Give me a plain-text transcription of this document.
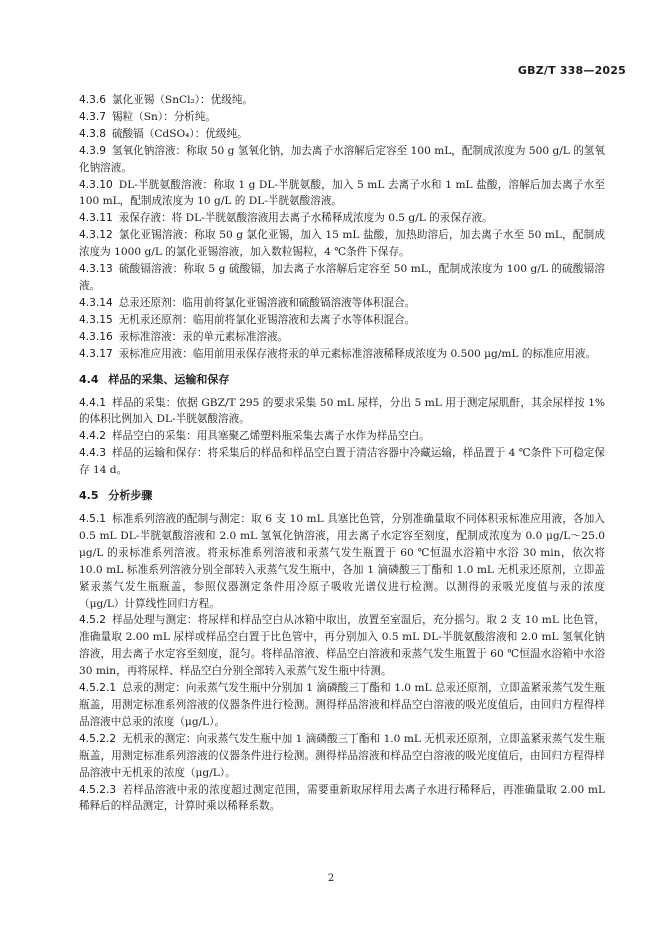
GBZ/T 338—2025

4.3.6 氯化亚锡（SnCl₂）：优级纯。

4.3.7 锡粒（Sn）：分析纯。

4.3.8 硫酸镉（CdSO₄）：优级纯。

4.3.9 氢氧化钠溶液：称取 50 g 氢氧化钠，加去离子水溶解后定容至 100 mL，配制成浓度为 500 g/L 的氢氧化钠溶液。

4.3.10 DL-半胱氨酸溶液：称取 1 g DL-半胱氨酸，加入 5 mL 去离子水和 1 mL 盐酸，溶解后加去离子水至 100 mL，配制成浓度为 10 g/L 的 DL-半胱氨酸溶液。

4.3.11 汞保存液：将 DL-半胱氨酸溶液用去离子水稀释成浓度为 0.5 g/L 的汞保存液。

4.3.12 氯化亚锡溶液：称取 50 g 氯化亚锡，加入 15 mL 盐酸，加热助溶后，加去离子水至 50 mL，配制成浓度为 1000 g/L 的氯化亚锡溶液，加入数粒锡粒，4 ℃条件下保存。

4.3.13 硫酸镉溶液：称取 5 g 硫酸镉，加去离子水溶解后定容至 50 mL，配制成浓度为 100 g/L 的硫酸镉溶液。

4.3.14 总汞还原剂：临用前将氯化亚锡溶液和硫酸镉溶液等体积混合。

4.3.15 无机汞还原剂：临用前将氯化亚锡溶液和去离子水等体积混合。

4.3.16 汞标准溶液：汞的单元素标准溶液。

4.3.17 汞标准应用液：临用前用汞保存液将汞的单元素标准溶液稀释成浓度为 0.500 μg/mL 的标准应用液。

4.4 样品的采集、运输和保存

4.4.1 样品的采集：依据 GBZ/T 295 的要求采集 50 mL 尿样，分出 5 mL 用于测定尿肌酐，其余尿样按 1% 的体积比例加入 DL-半胱氨酸溶液。

4.4.2 样品空白的采集：用具塞聚乙烯塑料瓶采集去离子水作为样品空白。

4.4.3 样品的运输和保存：将采集后的样品和样品空白置于清洁容器中冷藏运输，样品置于 4 ℃条件下可稳定保存 14 d。

4.5 分析步骤

4.5.1 标准系列溶液的配制与测定：取 6 支 10 mL 具塞比色管，分别准确量取不同体积汞标准应用液，各加入 0.5 mL DL-半胱氨酸溶液和 2.0 mL 氢氧化钠溶液，用去离子水定容至刻度，配制成浓度为 0.0 μg/L～25.0 μg/L 的汞标准系列溶液。将汞标准系列溶液和汞蒸气发生瓶置于 60 ℃恒温水浴箱中水浴 30 min，依次将 10.0 mL 标准系列溶液分别全部转入汞蒸气发生瓶中，各加 1 滴磷酸三丁酯和 1.0 mL 无机汞还原剂，立即盖紧汞蒸气发生瓶瓶盖，参照仪器测定条件用冷原子吸收光谱仪进行检测。以测得的汞吸光度值与汞的浓度（μg/L）计算线性回归方程。

4.5.2 样品处理与测定：将尿样和样品空白从冰箱中取出，放置至室温后，充分摇匀。取 2 支 10 mL 比色管，准确量取 2.00 mL 尿样或样品空白置于比色管中，再分别加入 0.5 mL DL-半胱氨酸溶液和 2.0 mL 氢氧化钠溶液，用去离子水定容至刻度，混匀。将样品溶液、样品空白溶液和汞蒸气发生瓶置于 60 ℃恒温水浴箱中水浴 30 min，再将尿样、样品空白分别全部转入汞蒸气发生瓶中待测。

4.5.2.1 总汞的测定：向汞蒸气发生瓶中分别加 1 滴磷酸三丁酯和 1.0 mL 总汞还原剂，立即盖紧汞蒸气发生瓶瓶盖，用测定标准系列溶液的仪器条件进行检测。测得样品溶液和样品空白溶液的吸光度值后，由回归方程得样品溶液中总汞的浓度（μg/L）。

4.5.2.2 无机汞的测定：向汞蒸气发生瓶中加 1 滴磷酸三丁酯和 1.0 mL 无机汞还原剂，立即盖紧汞蒸气发生瓶瓶盖，用测定标准系列溶液的仪器条件进行检测。测得样品溶液和样品空白溶液的吸光度值后，由回归方程得样品溶液中无机汞的浓度（μg/L）。

4.5.2.3 若样品溶液中汞的浓度超过测定范围，需要重新取尿样用去离子水进行稀释后，再准确量取 2.00 mL 稀释后的样品测定，计算时乘以稀释系数。

2
